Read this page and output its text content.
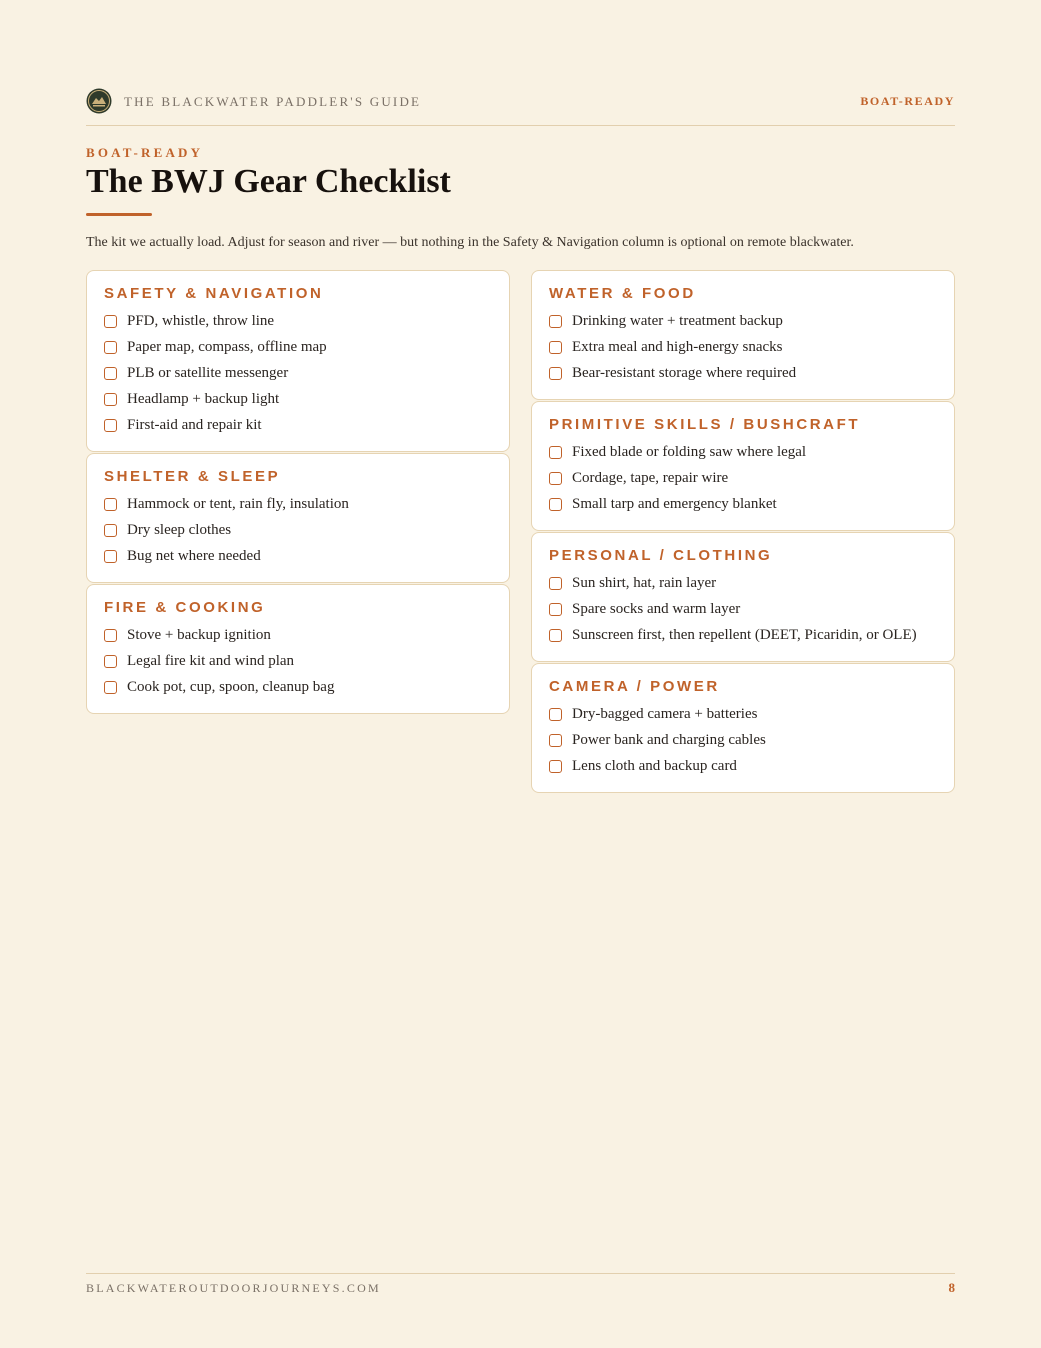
THE BLACKWATER PADDLER'S GUIDE	BOAT-READY
BOAT-READY
The BWJ Gear Checklist
The kit we actually load. Adjust for season and river — but nothing in the Safety & Navigation column is optional on remote blackwater.
SAFETY & NAVIGATION
PFD, whistle, throw line
Paper map, compass, offline map
PLB or satellite messenger
Headlamp + backup light
First-aid and repair kit
SHELTER & SLEEP
Hammock or tent, rain fly, insulation
Dry sleep clothes
Bug net where needed
FIRE & COOKING
Stove + backup ignition
Legal fire kit and wind plan
Cook pot, cup, spoon, cleanup bag
WATER & FOOD
Drinking water + treatment backup
Extra meal and high-energy snacks
Bear-resistant storage where required
PRIMITIVE SKILLS / BUSHCRAFT
Fixed blade or folding saw where legal
Cordage, tape, repair wire
Small tarp and emergency blanket
PERSONAL / CLOTHING
Sun shirt, hat, rain layer
Spare socks and warm layer
Sunscreen first, then repellent (DEET, Picaridin, or OLE)
CAMERA / POWER
Dry-bagged camera + batteries
Power bank and charging cables
Lens cloth and backup card
BLACKWATEROUTDOORJOURNEYS.COM	8
